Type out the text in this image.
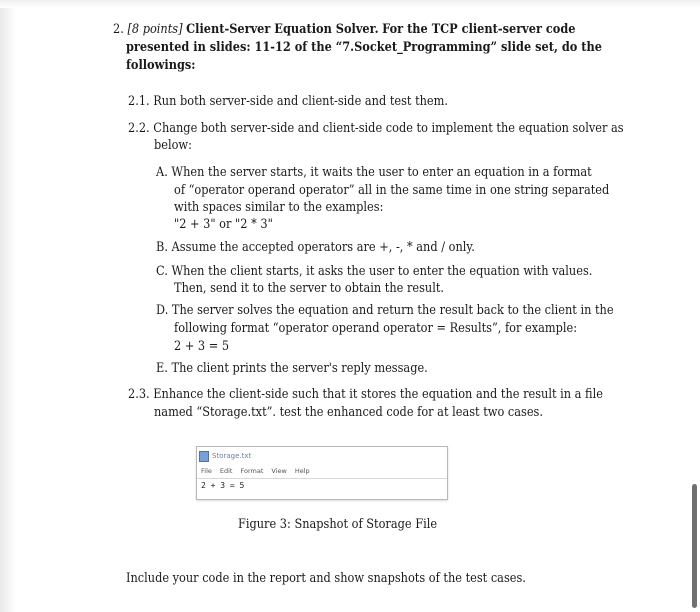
2. [8 points] Client-Server Equation Solver. For the TCP client-server code
presented in slides: 11-12 of the “7.Socket_Programming” slide set, do the
followings:
2.1. Run both server-side and client-side and test them.
2.2. Change both server-side and client-side code to implement the equation solver as
below:
A. When the server starts, it waits the user to enter an equation in a format
of “operator operand operator” all in the same time in one string separated
with spaces similar to the examples:
"2 + 3" or "2 * 3"
B. Assume the accepted operators are +, -, * and / only.
C. When the client starts, it asks the user to enter the equation with values.
Then, send it to the server to obtain the result.
D. The server solves the equation and return the result back to the client in the
following format “operator operand operator = Results”, for example:
2 + 3 = 5
E. The client prints the server's reply message.
2.3. Enhance the client-side such that it stores the equation and the result in a file
named “Storage.txt”. test the enhanced code for at least two cases.
Storage.txt
File Edit Format View Help
2 + 3 = 5
Figure 3: Snapshot of Storage File
Include your code in the report and show snapshots of the test cases.
